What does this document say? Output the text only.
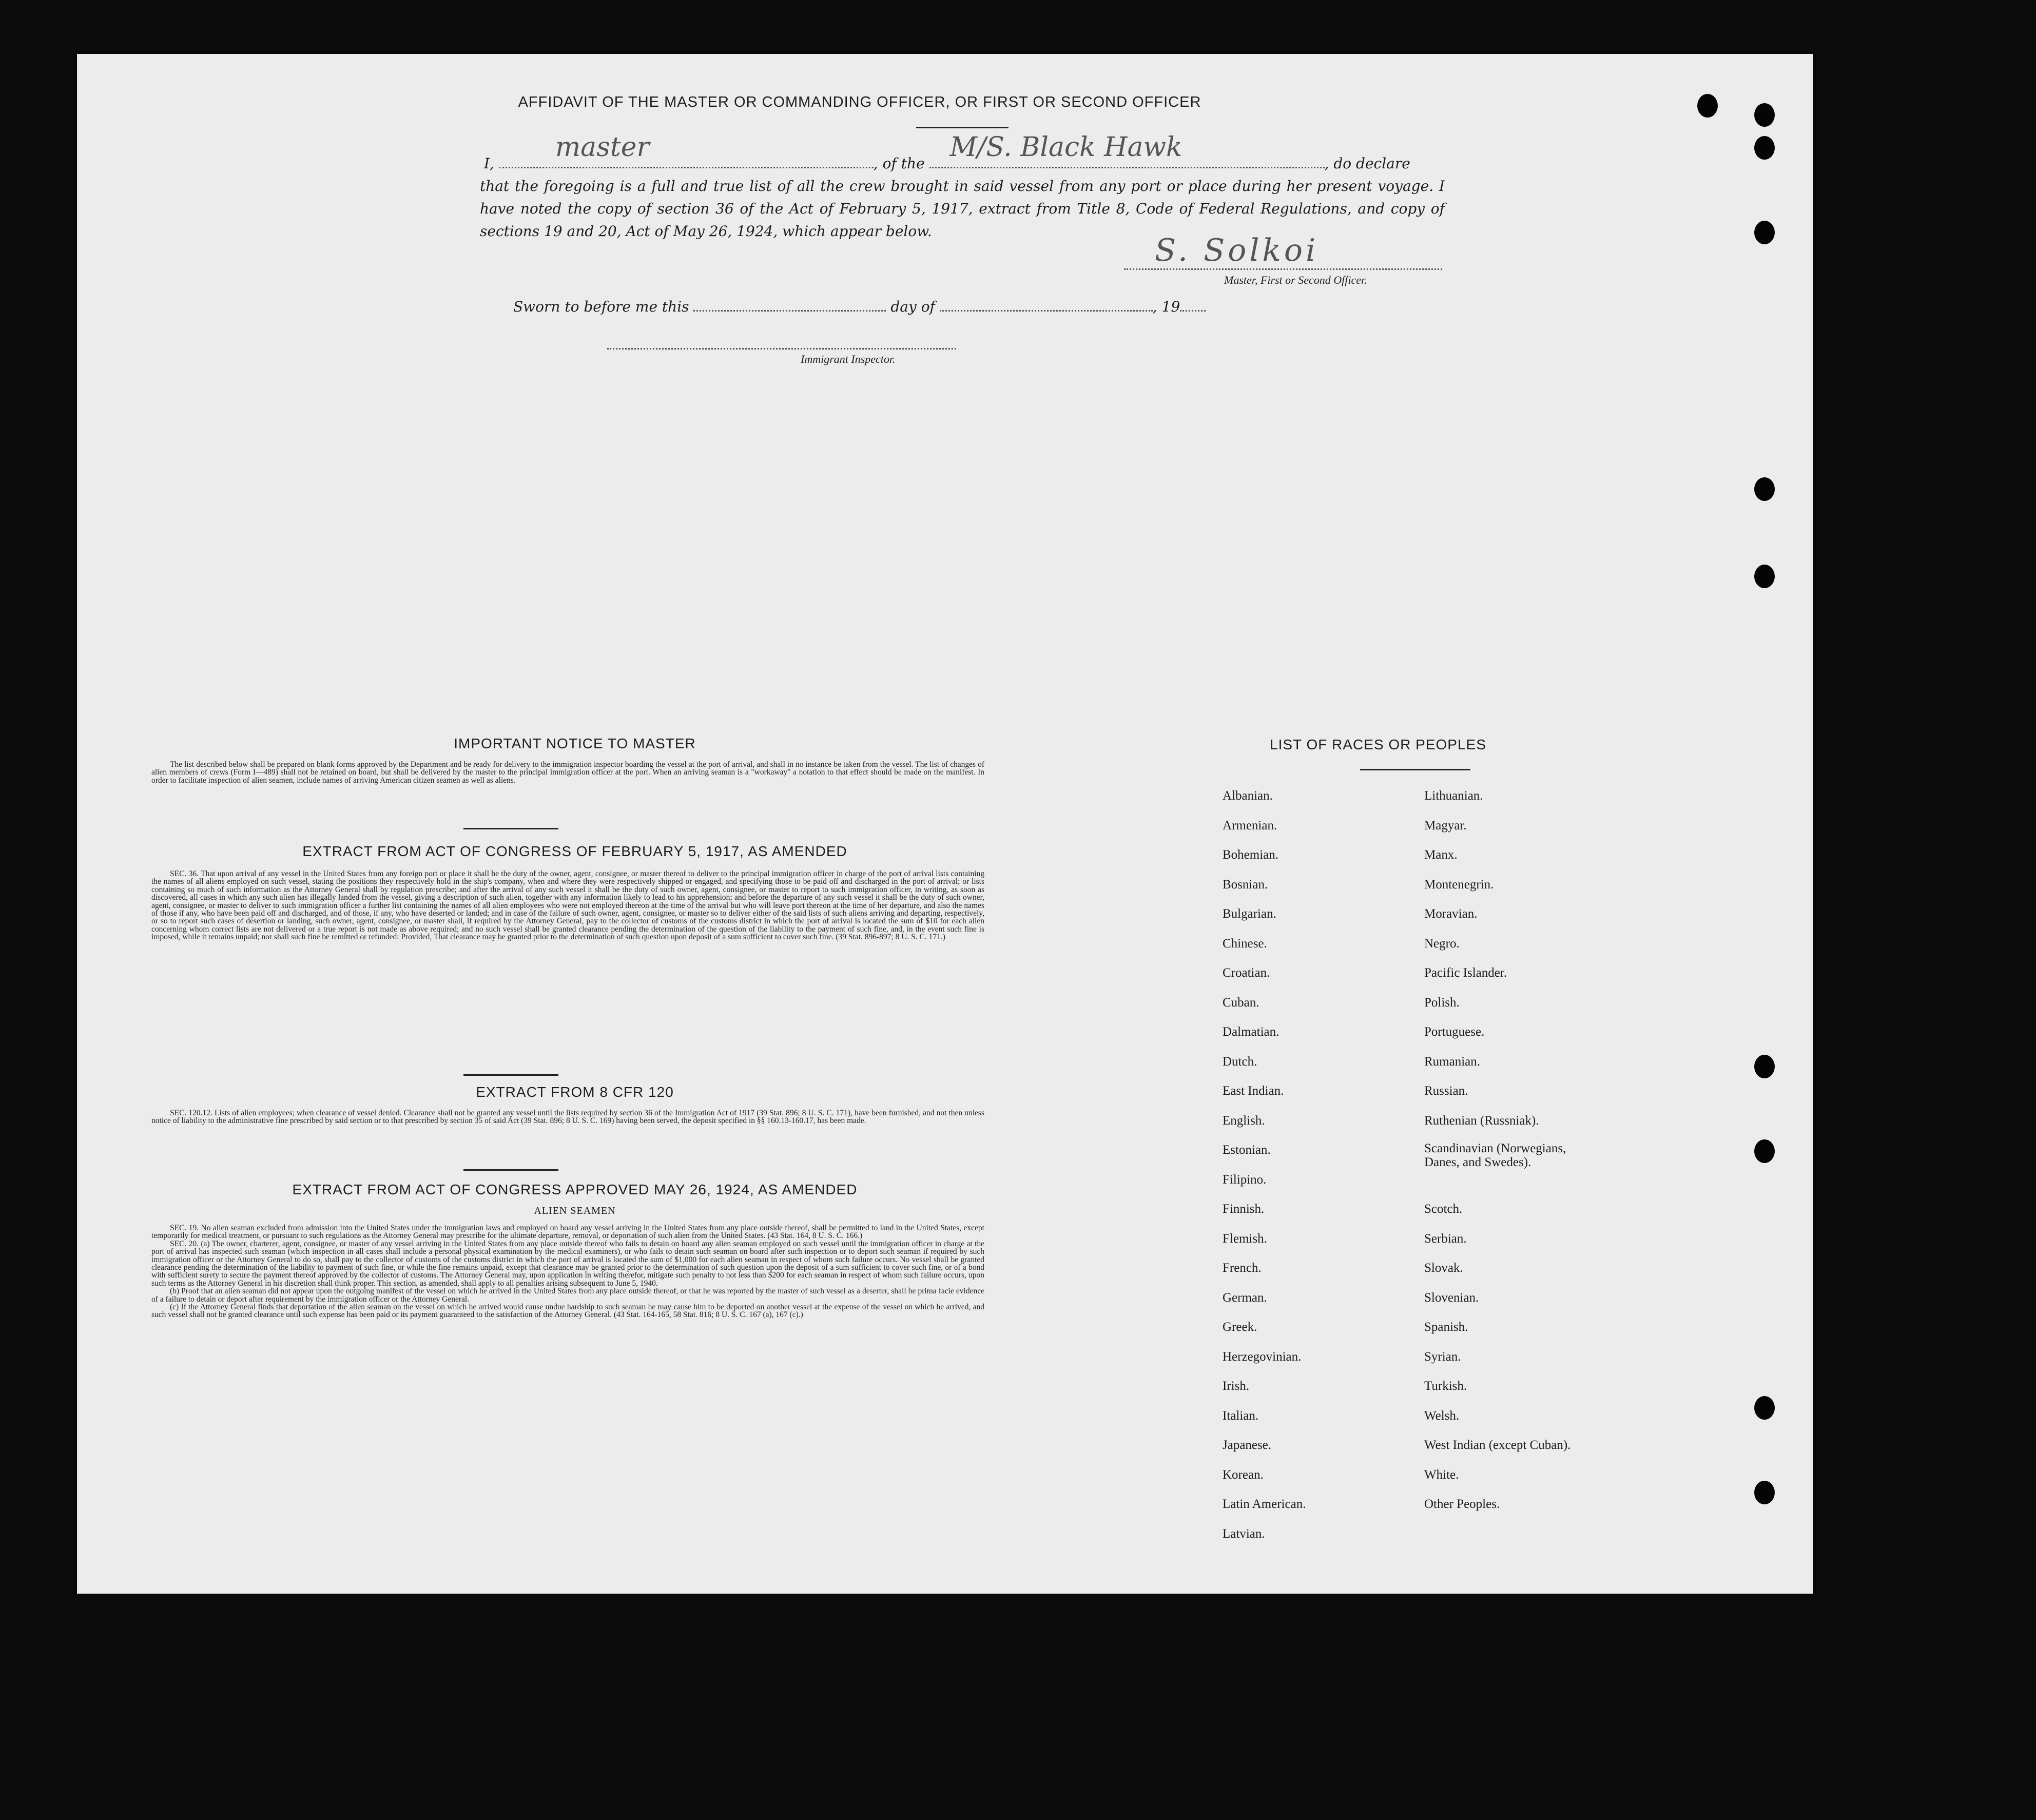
AFFIDAVIT OF THE MASTER OR COMMANDING OFFICER, OR FIRST OR SECOND OFFICER
I,
master
, of the
M/S. Black Hawk
, do declare
that the foregoing is a full and true list of all the crew brought in said vessel from any port or place during her present voyage. I have noted the copy of section 36 of the Act of February 5, 1917, extract from Title 8, Code of Federal Regulations, and copy of sections 19 and 20, Act of May 26, 1924, which appear below.
S. Solkoi
Master, First or Second Officer.
Sworn to before me this	day of	, 19
Immigrant Inspector.
IMPORTANT NOTICE TO MASTER

The list described below shall be prepared on blank forms approved by the Department and be ready for delivery to the immigration inspector boarding the vessel at the port of arrival, and shall in no instance be taken from the vessel. The list of changes of alien members of crews (Form I—489) shall not be retained on board, but shall be delivered by the master to the principal immigration officer at the port. When an arriving seaman is a "workaway" a notation to that effect should be made on the manifest. In order to facilitate inspection of alien seamen, include names of arriving American citizen seamen as well as aliens.

EXTRACT FROM ACT OF CONGRESS OF FEBRUARY 5, 1917, AS AMENDED

SEC. 36. That upon arrival of any vessel in the United States from any foreign port or place it shall be the duty of the owner, agent, consignee, or master thereof to deliver to the principal immigration officer in charge of the port of arrival lists containing the names of all aliens employed on such vessel, stating the positions they respectively hold in the ship's company, when and where they were respectively shipped or engaged, and specifying those to be paid off and discharged in the port of arrival; or lists containing so much of such information as the Attorney General shall by regulation prescribe; and after the arrival of any such vessel it shall be the duty of such owner, agent, consignee, or master to report to such immigration officer, in writing, as soon as discovered, all cases in which any such alien has illegally landed from the vessel, giving a description of such alien, together with any information likely to lead to his apprehension; and before the departure of any such vessel it shall be the duty of such owner, agent, consignee, or master to deliver to such immigration officer a further list containing the names of all alien employees who were not employed thereon at the time of the arrival but who will leave port thereon at the time of her departure, and also the names of those if any, who have been paid off and discharged, and of those, if any, who have deserted or landed; and in case of the failure of such owner, agent, consignee, or master so to deliver either of the said lists of such aliens arriving and departing, respectively, or so to report such cases of desertion or landing, such owner, agent, consignee, or master shall, if required by the Attorney General, pay to the collector of customs of the customs district in which the port of arrival is located the sum of $10 for each alien concerning whom correct lists are not delivered or a true report is not made as above required; and no such vessel shall be granted clearance pending the determination of the question of the liability to the payment of such fine, and, in the event such fine is imposed, while it remains unpaid; nor shall such fine be remitted or refunded: Provided, That clearance may be granted prior to the determination of such question upon deposit of a sum sufficient to cover such fine. (39 Stat. 896-897; 8 U. S. C. 171.)

EXTRACT FROM 8 CFR 120

SEC. 120.12. Lists of alien employees; when clearance of vessel denied. Clearance shall not be granted any vessel until the lists required by section 36 of the Immigration Act of 1917 (39 Stat. 896; 8 U. S. C. 171), have been furnished, and not then unless notice of liability to the administrative fine prescribed by said section or to that prescribed by section 35 of said Act (39 Stat. 896; 8 U. S. C. 169) having been served, the deposit specified in §§ 160.13-160.17, has been made.

EXTRACT FROM ACT OF CONGRESS APPROVED MAY 26, 1924, AS AMENDED
ALIEN SEAMEN

SEC. 19. No alien seaman excluded from admission into the United States under the immigration laws and employed on board any vessel arriving in the United States from any place outside thereof, shall be permitted to land in the United States, except temporarily for medical treatment, or pursuant to such regulations as the Attorney General may prescribe for the ultimate departure, removal, or deportation of such alien from the United States. (43 Stat. 164, 8 U. S. C. 166.)

SEC. 20. (a) The owner, charterer, agent, consignee, or master of any vessel arriving in the United States from any place outside thereof who fails to detain on board any alien seaman employed on such vessel until the immigration officer in charge at the port of arrival has inspected such seaman (which inspection in all cases shall include a personal physical examination by the medical examiners), or who fails to detain such seaman on board after such inspection or to deport such seaman if required by such immigration officer or the Attorney General to do so, shall pay to the collector of customs of the customs district in which the port of arrival is located the sum of $1,000 for each alien seaman in respect of whom such failure occurs. No vessel shall be granted clearance pending the determination of the liability to payment of such fine, or while the fine remains unpaid, except that clearance may be granted prior to the determination of such question upon the deposit of a sum sufficient to cover such fine, or of a bond with sufficient surety to secure the payment thereof approved by the collector of customs. The Attorney General may, upon application in writing therefor, mitigate such penalty to not less than $200 for each seaman in respect of whom such failure occurs, upon such terms as the Attorney General in his discretion shall think proper. This section, as amended, shall apply to all penalties arising subsequent to June 5, 1940.

(b) Proof that an alien seaman did not appear upon the outgoing manifest of the vessel on which he arrived in the United States from any place outside thereof, or that he was reported by the master of such vessel as a deserter, shall be prima facie evidence of a failure to detain or deport after requirement by the immigration officer or the Attorney General.

(c) If the Attorney General finds that deportation of the alien seaman on the vessel on which he arrived would cause undue hardship to such seaman he may cause him to be deported on another vessel at the expense of the vessel on which he arrived, and such vessel shall not be granted clearance until such expense has been paid or its payment guaranteed to the satisfaction of the Attorney General. (43 Stat. 164-165, 58 Stat. 816; 8 U. S. C. 167 (a), 167 (c).)

LIST OF RACES OR PEOPLES
Albanian.
Armenian.
Bohemian.
Bosnian.
Bulgarian.
Chinese.
Croatian.
Cuban.
Dalmatian.
Dutch.
East Indian.
English.
Estonian.
Filipino.
Finnish.
Flemish.
French.
German.
Greek.
Herzegovinian.
Irish.
Italian.
Japanese.
Korean.
Latin American.
Latvian.
Lithuanian.
Magyar.
Manx.
Montenegrin.
Moravian.
Negro.
Pacific Islander.
Polish.
Portuguese.
Rumanian.
Russian.
Ruthenian (Russniak).
Scandinavian (Norwegians, Danes, and Swedes).
Scotch.
Serbian.
Slovak.
Slovenian.
Spanish.
Syrian.
Turkish.
Welsh.
West Indian (except Cuban).
White.
Other Peoples.
